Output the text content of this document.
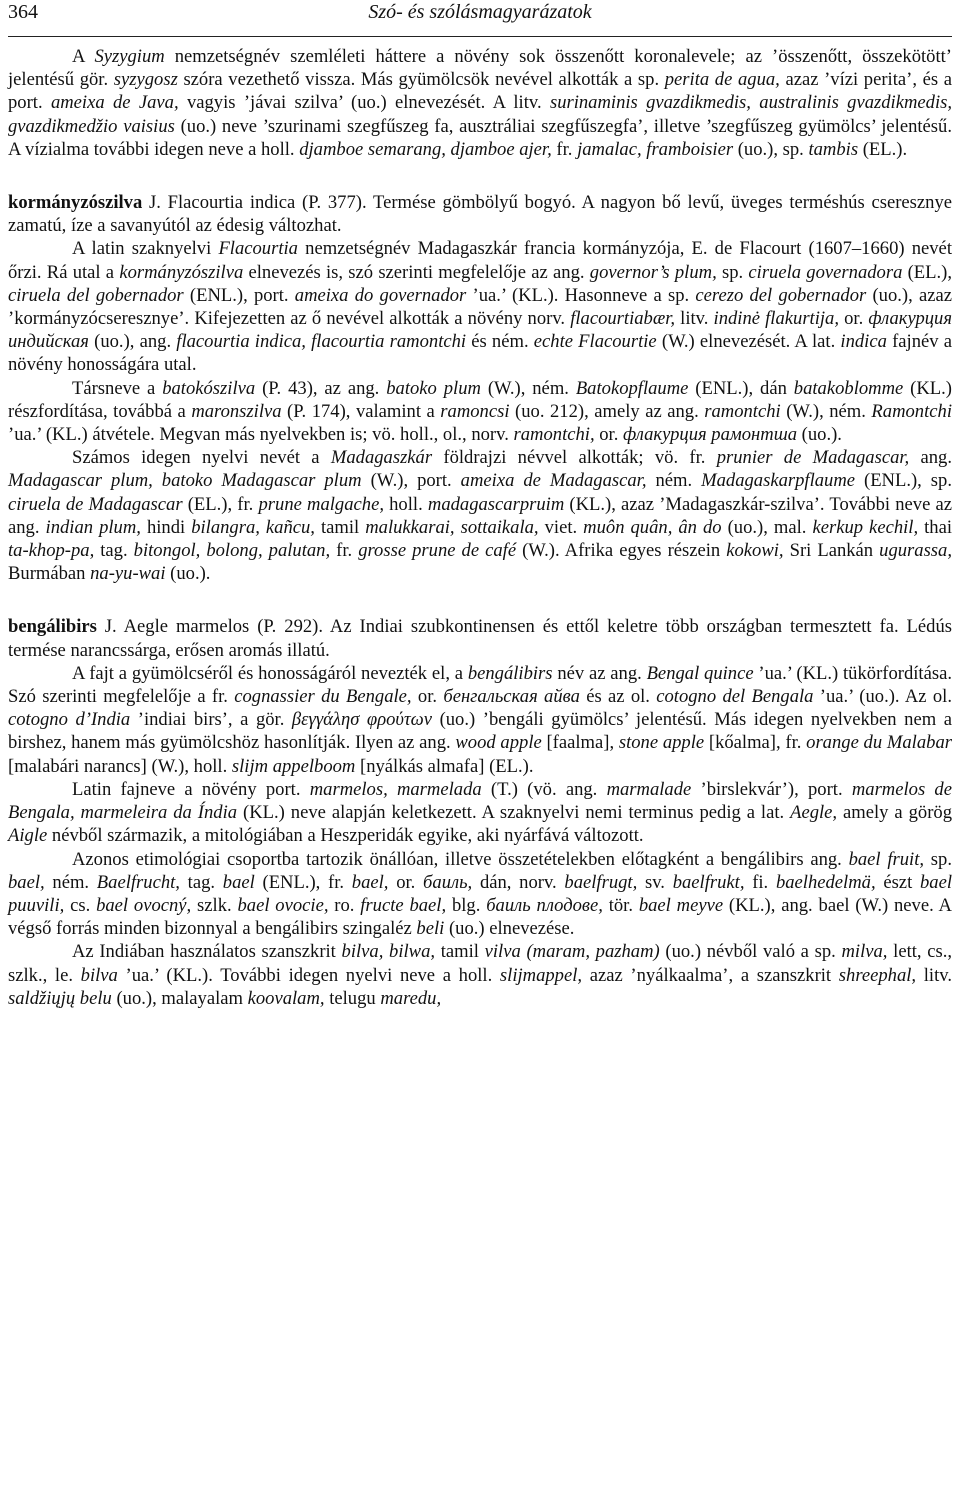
364	Szó- és szólásmagyarázatok

A Syzygium nemzetségnév szemléleti háttere a növény sok összenőtt koronalevele; az ’összenőtt, összekötött’ jelentésű gör. syzygosz szóra vezethető vissza. Más gyümölcsök nevével alkották a sp. perita de agua, azaz ’vízi perita’, és a port. ameixa de Java, vagyis ’jávai szilva’ (uo.) elnevezését. A litv. surinaminis gvazdikmedis, australinis gvazdikmedis, gvazdikmedžio vaisius (uo.) neve ’szurinami szegfűszeg fa, ausztráliai szegfűszegfa’, illetve ’szegfűszeg gyümölcs’ jelentésű. A vízialma további idegen neve a holl. djamboe semarang, djamboe ajer, fr. jamalac, framboisier (uo.), sp. tambis (EL.).

kormányzószilva J. Flacourtia indica (P. 377). Termése gömbölyű bogyó. A nagyon bő levű, üveges terméshús cseresznye zamatú, íze a savanyútól az édesig változhat.

A latin szaknyelvi Flacourtia nemzetségnév Madagaszkár francia kormányzója, E. de Flacourt (1607–1660) nevét őrzi. Rá utal a kormányzószilva elnevezés is, szó szerinti megfelelője az ang. governor’s plum, sp. ciruela governadora (EL.), ciruela del gobernador (ENL.), port. ameixa do governador ’ua.’ (KL.). Hasonneve a sp. cerezo del gobernador (uo.), azaz ’kormányzócseresznye’. Kifejezetten az ő nevével alkották a növény norv. flacourtiabær, litv. indinė flakurtija, or. флакурция индийская (uo.), ang. flacourtia indica, flacourtia ramontchi és ném. echte Flacourtie (W.) elnevezését. A lat. indica fajnév a növény honosságára utal.

Társneve a batokószilva (P. 43), az ang. batoko plum (W.), ném. Batokopflaume (ENL.), dán batakoblomme (KL.) részfordítása, továbbá a maronszilva (P. 174), valamint a ramoncsi (uo. 212), amely az ang. ramontchi (W.), ném. Ramontchi ’ua.’ (KL.) átvétele. Megvan más nyelvekben is; vö. holl., ol., norv. ramontchi, or. флакурция рамонтша (uo.).

Számos idegen nyelvi nevét a Madagaszkár földrajzi névvel alkották; vö. fr. prunier de Madagascar, ang. Madagascar plum, batoko Madagascar plum (W.), port. ameixa de Madagascar, ném. Madagaskarpflaume (ENL.), sp. ciruela de Madagascar (EL.), fr. prune malgache, holl. madagascarpruim (KL.), azaz ’Madagaszkár-szilva’. További neve az ang. indian plum, hindi bilangra, kañcu, tamil malukkarai, sottaikala, viet. muôn quân, ân do (uo.), mal. kerkup kechil, thai ta-khop-pa, tag. bitongol, bolong, palutan, fr. grosse prune de café (W.). Afrika egyes részein kokowi, Sri Lankán ugurassa, Burmában na-yu-wai (uo.).

bengálibirs J. Aegle marmelos (P. 292). Az Indiai szubkontinensen és ettől keletre több országban termesztett fa. Lédús termése narancssárga, erősen aromás illatú.

A fajt a gyümölcséről és honosságáról nevezték el, a bengálibirs név az ang. Bengal quince ’ua.’ (KL.) tükörfordítása. Szó szerinti megfelelője a fr. cognassier du Bengale, or. бенгальская айва és az ol. cotogno del Bengala ’ua.’ (uo.). Az ol. cotogno d’India ’indiai birs’, a gör. βεγγάλησ φρούτων (uo.) ’bengáli gyümölcs’ jelentésű. Más idegen nyelvekben nem a birshez, hanem más gyümölcshöz hasonlítják. Ilyen az ang. wood apple [faalma], stone apple [kőalma], fr. orange du Malabar [malabári narancs] (W.), holl. slijm appelboom [nyálkás almafa] (EL.).

Latin fajneve a növény port. marmelos, marmelada (T.) (vö. ang. marmalade ’birslekvár’), port. marmelos de Bengala, marmeleira da Índia (KL.) neve alapján keletkezett. A szaknyelvi nemi terminus pedig a lat. Aegle, amely a görög Aigle névből származik, a mitológiában a Heszperidák egyike, aki nyárfává változott.

Azonos etimológiai csoportba tartozik önállóan, illetve összetételekben előtagként a bengálibirs ang. bael fruit, sp. bael, ném. Baelfrucht, tag. bael (ENL.), fr. bael, or. баиль, dán, norv. baelfrugt, sv. baelfrukt, fi. baelhedelmä, észt bael puuvili, cs. bael ovocný, szlk. bael ovocie, ro. fructe bael, blg. баиль плодове, tör. bael meyve (KL.), ang. bael (W.) neve. A végső forrás minden bizonnyal a bengálibirs szingaléz beli (uo.) elnevezése.

Az Indiában használatos szanszkrit bilva, bilwa, tamil vilva (maram, pazham) (uo.) névből való a sp. milva, lett, cs., szlk., le. bilva ’ua.’ (KL.). További idegen nyelvi neve a holl. slijmappel, azaz ’nyálkaalma’, a szanszkrit shreephal, litv. saldžiųjų belu (uo.), malayalam koovalam, telugu maredu,
